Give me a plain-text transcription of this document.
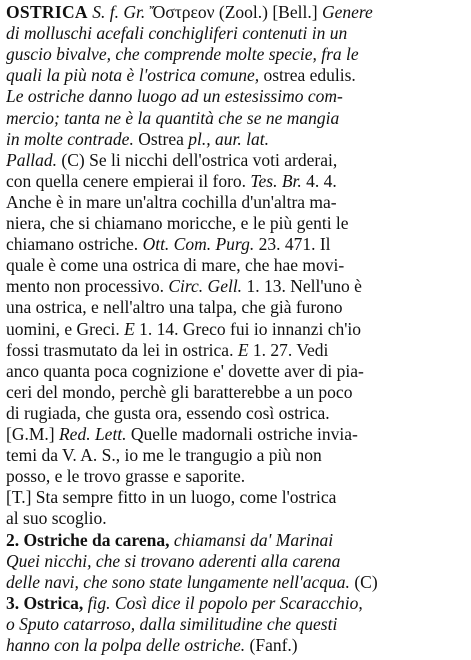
OSTRICA S. f. Gr. Ὄστρεον (Zool.) [Bell.] Genere
di molluschi acefali conchigliferi contenuti in un
guscio bivalve, che comprende molte specie, fra le
quali la più nota è l'ostrica comune, ostrea edulis.
Le ostriche danno luogo ad un estesissimo com-
mercio; tanta ne è la quantità che se ne mangia
in molte contrade. Ostrea pl., aur. lat.
Pallad. (C) Se li nicchi dell'ostrica voti arderai,
con quella cenere empierai il foro. Tes. Br. 4. 4.
Anche è in mare un'altra cochilla d'un'altra ma-
niera, che si chiamano moricche, e le più genti le
chiamano ostriche. Ott. Com. Purg. 23. 471. Il
quale è come una ostrica di mare, che hae movi-
mento non processivo. Circ. Gell. 1. 13. Nell'uno è
una ostrica, e nell'altro una talpa, che già furono
uomini, e Greci. E 1. 14. Greco fui io innanzi ch'io
fossi trasmutato da lei in ostrica. E 1. 27. Vedi
anco quanta poca cognizione e' dovette aver di pia-
ceri del mondo, perchè gli baratterebbe a un poco
di rugiada, che gusta ora, essendo così ostrica.
[G.M.] Red. Lett. Quelle madornali ostriche invia-
temi da V. A. S., io me le trangugio a più non
posso, e le trovo grasse e saporite.
[T.] Sta sempre fitto in un luogo, come l'ostrica
al suo scoglio.
2. Ostriche da carena, chiamansi da' Marinai
Quei nicchi, che si trovano aderenti alla carena
delle navi, che sono state lungamente nell'acqua. (C)
3. Ostrica, fig. Così dice il popolo per Scaracchio,
o Sputo catarroso, dalla similitudine che questi
hanno con la polpa delle ostriche. (Fanf.)
